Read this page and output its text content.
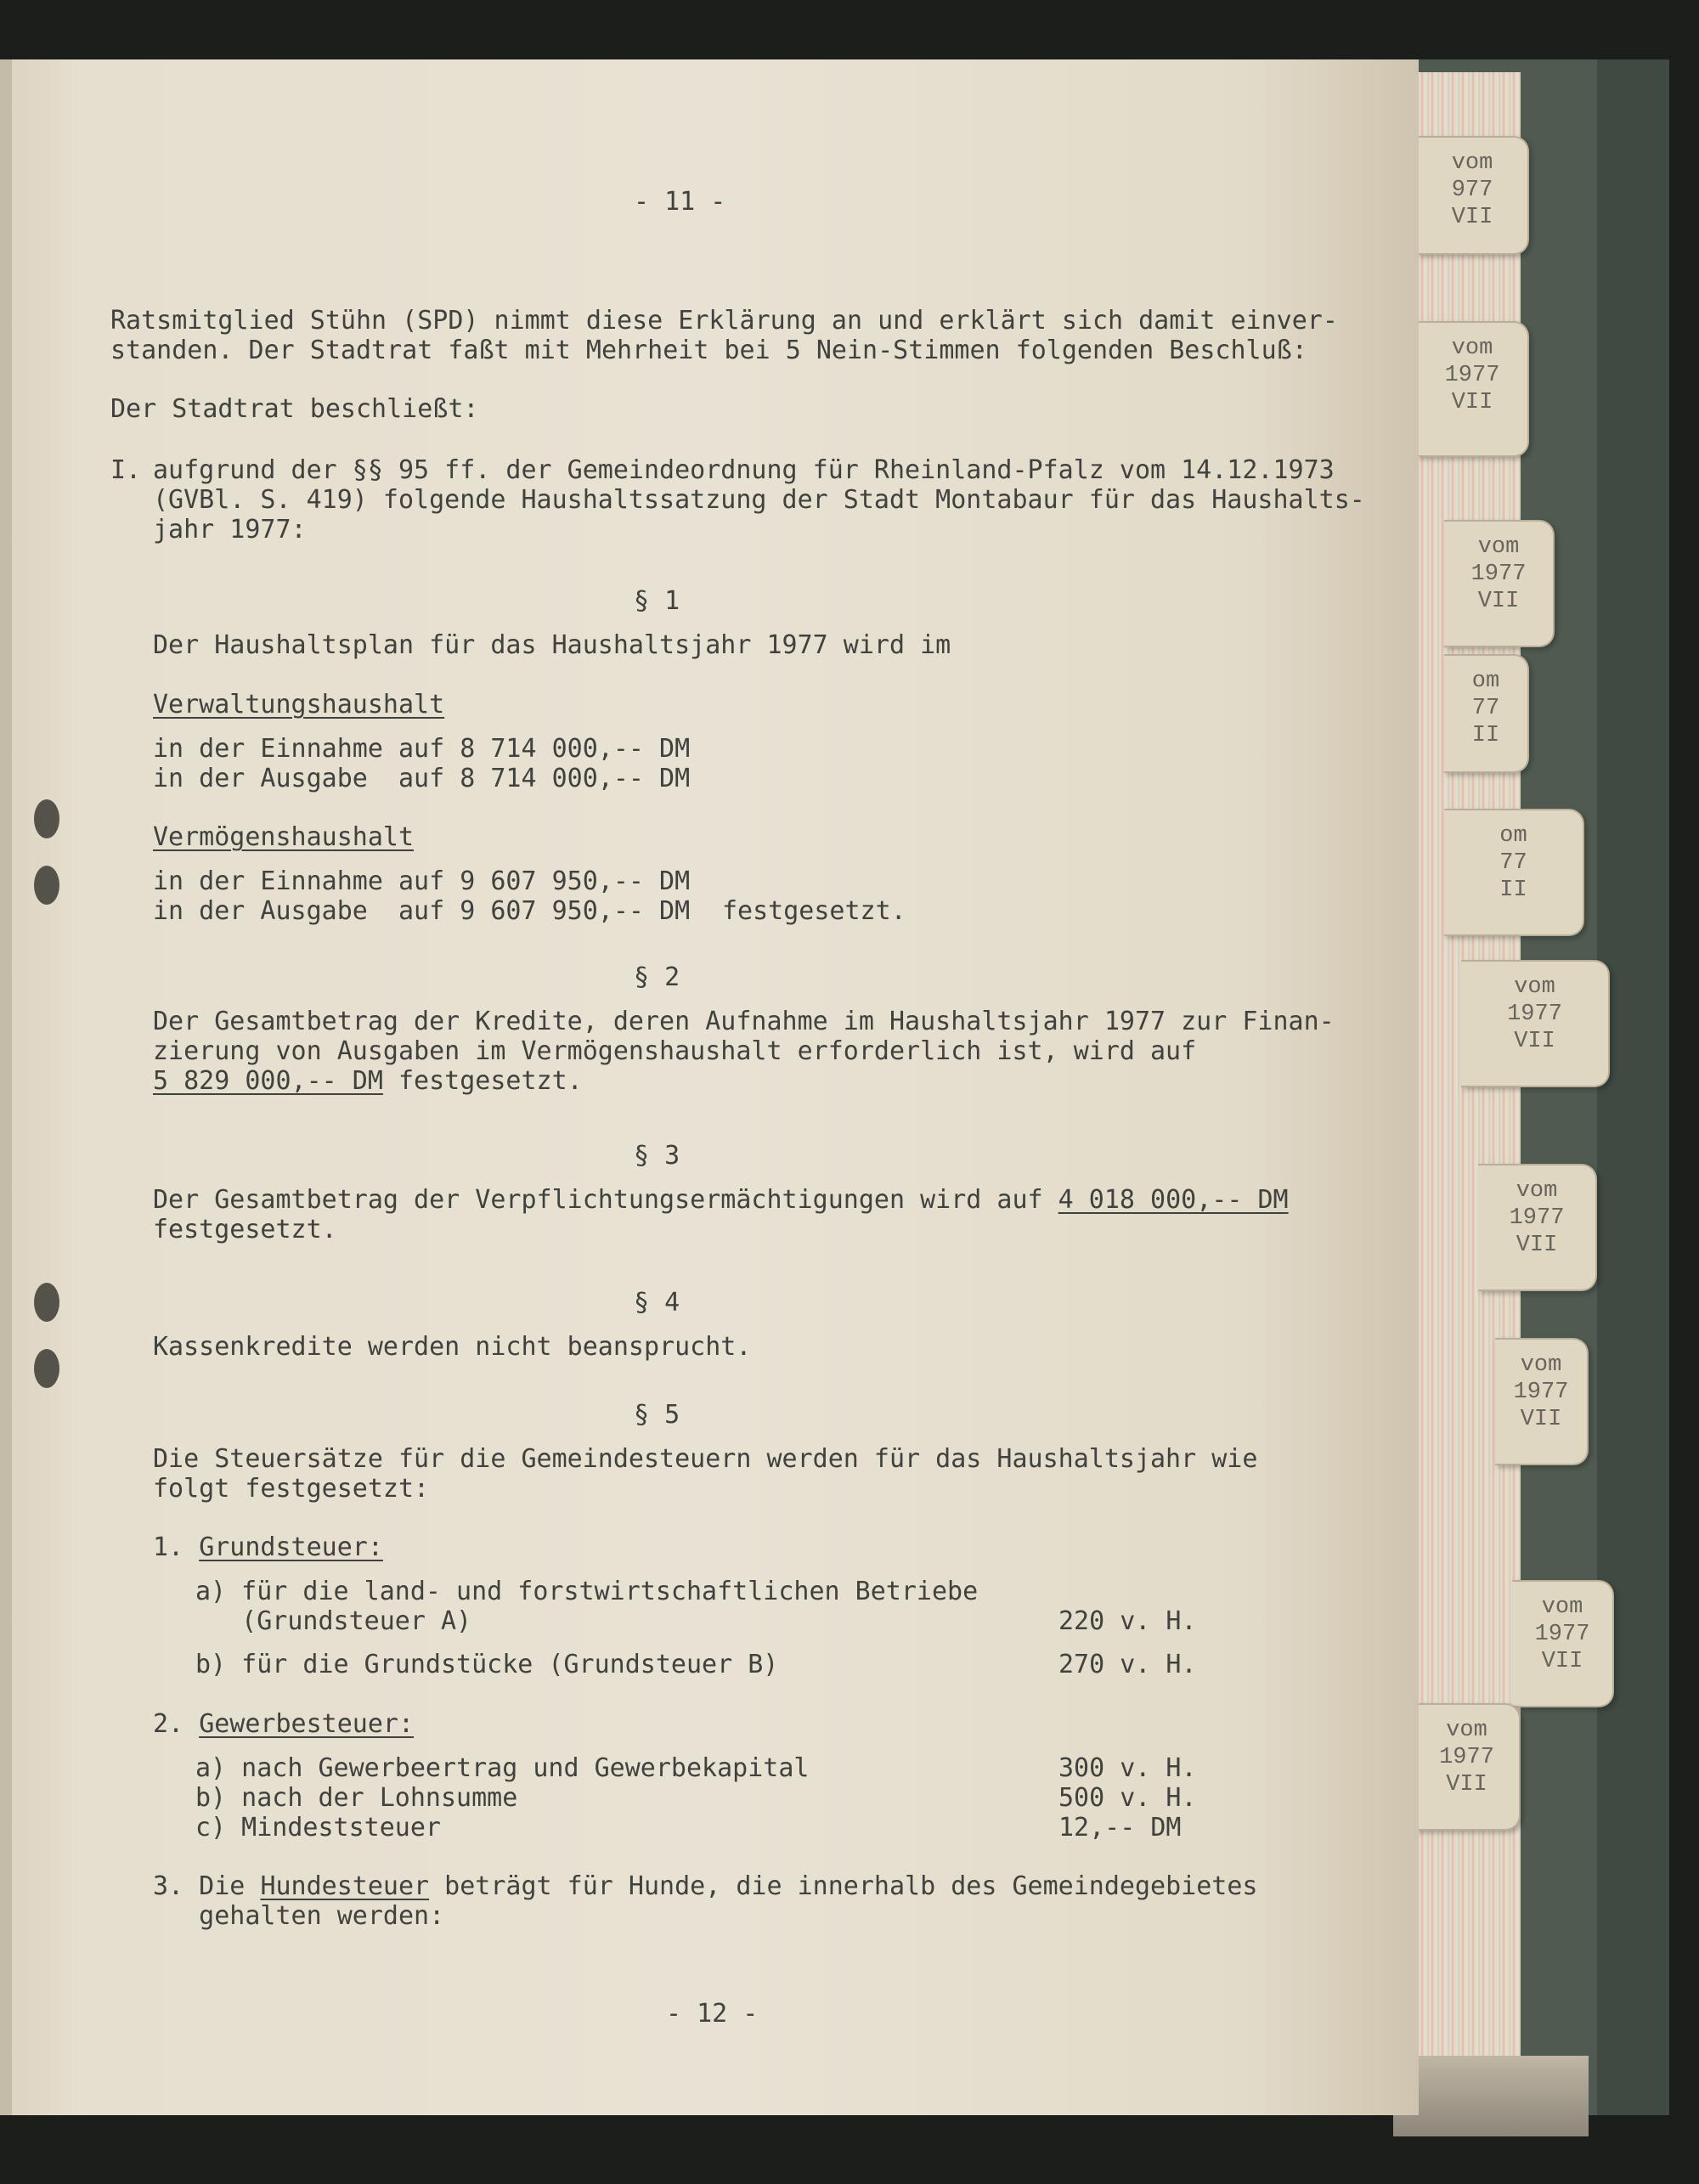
vom
977
VII
vom
1977
VII
vom
1977
VII
om
77
II
om
77
II
vom
1977
VII
vom
1977
VII
vom
1977
VII
vom
1977
VII
vom
1977
VII

- 11 -

Ratsmitglied Stühn (SPD) nimmt diese Erklärung an und erklärt sich damit einver-

standen. Der Stadtrat faßt mit Mehrheit bei 5 Nein-Stimmen folgenden Beschluß:

Der Stadtrat beschließt:

I. aufgrund der §§ 95 ff. der Gemeindeordnung für Rheinland-Pfalz vom 14.12.1973

(GVBl. S. 419) folgende Haushaltssatzung der Stadt Montabaur für das Haushalts-

jahr 1977:

§ 1

Der Haushaltsplan für das Haushaltsjahr 1977 wird im

Verwaltungshaushalt

in der Einnahme auf 8 714 000,-- DM

in der Ausgabe  auf 8 714 000,-- DM

Vermögenshaushalt

in der Einnahme auf 9 607 950,-- DM

in der Ausgabe  auf 9 607 950,-- DM festgesetzt.

§ 2

Der Gesamtbetrag der Kredite, deren Aufnahme im Haushaltsjahr 1977 zur Finan-

zierung von Ausgaben im Vermögenshaushalt erforderlich ist, wird auf

5 829 000,-- DM festgesetzt.

§ 3

Der Gesamtbetrag der Verpflichtungsermächtigungen wird auf 4 018 000,-- DM

festgesetzt.

§ 4

Kassenkredite werden nicht beansprucht.

§ 5

Die Steuersätze für die Gemeindesteuern werden für das Haushaltsjahr wie

folgt festgesetzt:

1. Grundsteuer:

a) für die land- und forstwirtschaftlichen Betriebe

(Grundsteuer A)	220 v. H.

b) für die Grundstücke (Grundsteuer B)	270 v. H.

2. Gewerbesteuer:

a) nach Gewerbeertrag und Gewerbekapital	300 v. H.

b) nach der Lohnsumme	500 v. H.

c) Mindeststeuer	12,-- DM

3. Die Hundesteuer beträgt für Hunde, die innerhalb des Gemeindegebietes

gehalten werden:

- 12 -
